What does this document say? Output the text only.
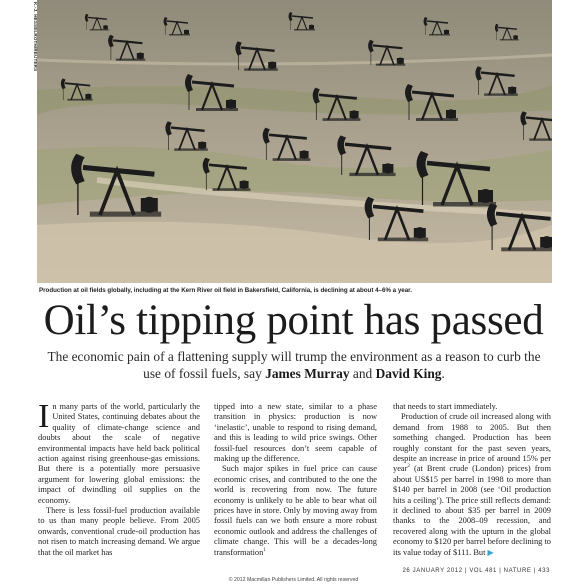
K.-J. HESSELROTH/REUTERS
Production at oil fields globally, including at the Kern River oil field in Bakersfield, California, is declining at about 4–6% a year.
Oil’s tipping point has passed
The economic pain of a flattening supply will trump the environment as a reason to curb the use of fossil fuels, say James Murray and David King.

In many parts of the world, particularly the United States, continuing debates about the quality of climate-change science and doubts about the scale of negative environmental impacts have held back political action against rising greenhouse-gas emissions. But there is a potentially more persuasive argument for lowering global emissions: the impact of dwindling oil supplies on the economy.

There is less fossil-fuel production available to us than many people believe. From 2005 onwards, conventional crude-oil production has not risen to match increasing demand. We argue that the oil market has

tipped into a new state, similar to a phase transition in physics: production is now ‘inelastic’, unable to respond to rising demand, and this is leading to wild price swings. Other fossil-fuel resources don’t seem capable of making up the difference.

Such major spikes in fuel price can cause economic crises, and contributed to the one the world is recovering from now. The future economy is unlikely to be able to bear what oil prices have in store. Only by moving away from fossil fuels can we both ensure a more robust economic outlook and address the challenges of climate change. This will be a decades-long transformation$^1$

that needs to start immediately.

Production of crude oil increased along with demand from 1988 to 2005. But then something changed. Production has been roughly constant for the past seven years, despite an increase in price of around 15% per year$^2$ (at Brent crude (London) prices) from about US$15 per barrel in 1998 to more than $140 per barrel in 2008 (see ‘Oil production hits a ceiling’). The price still reflects demand: it declined to about $35 per barrel in 2009 thanks to the 2008–09 recession, and recovered along with the upturn in the global economy to $120 per barrel before declining to its value today of $111. But ▶

26 JANUARY 2012 | VOL 481 | NATURE | 433
© 2012 Macmillan Publishers Limited. All rights reserved
